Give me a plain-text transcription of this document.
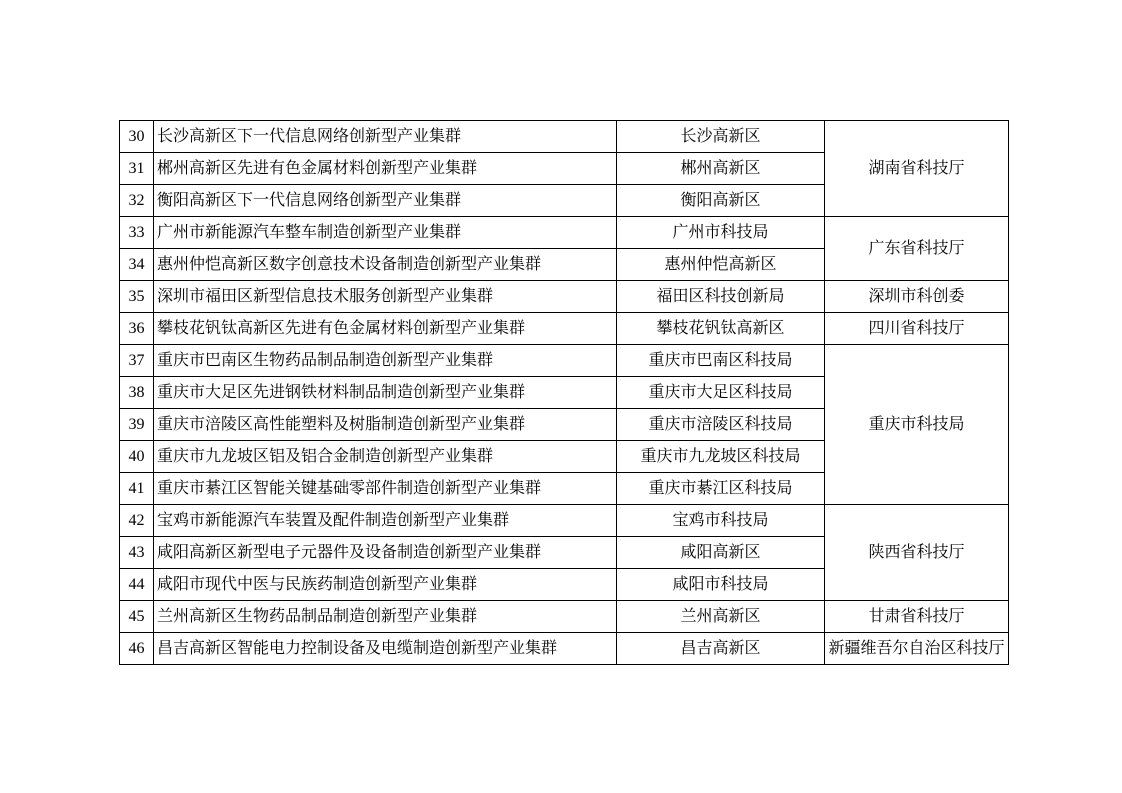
30	长沙高新区下一代信息网络创新型产业集群	长沙高新区	湖南省科技厅
31	郴州高新区先进有色金属材料创新型产业集群	郴州高新区	
32	衡阳高新区下一代信息网络创新型产业集群	衡阳高新区	
33	广州市新能源汽车整车制造创新型产业集群	广州市科技局	广东省科技厅
34	惠州仲恺高新区数字创意技术设备制造创新型产业集群	惠州仲恺高新区	
35	深圳市福田区新型信息技术服务创新型产业集群	福田区科技创新局	深圳市科创委
36	攀枝花钒钛高新区先进有色金属材料创新型产业集群	攀枝花钒钛高新区	四川省科技厅
37	重庆市巴南区生物药品制品制造创新型产业集群	重庆市巴南区科技局	重庆市科技局
38	重庆市大足区先进钢铁材料制品制造创新型产业集群	重庆市大足区科技局	
39	重庆市涪陵区高性能塑料及树脂制造创新型产业集群	重庆市涪陵区科技局	
40	重庆市九龙坡区铝及铝合金制造创新型产业集群	重庆市九龙坡区科技局	
41	重庆市綦江区智能关键基础零部件制造创新型产业集群	重庆市綦江区科技局	
42	宝鸡市新能源汽车装置及配件制造创新型产业集群	宝鸡市科技局	陕西省科技厅
43	咸阳高新区新型电子元器件及设备制造创新型产业集群	咸阳高新区	
44	咸阳市现代中医与民族药制造创新型产业集群	咸阳市科技局	
45	兰州高新区生物药品制品制造创新型产业集群	兰州高新区	甘肃省科技厅
46	昌吉高新区智能电力控制设备及电缆制造创新型产业集群	昌吉高新区	新疆维吾尔自治区科技厅
